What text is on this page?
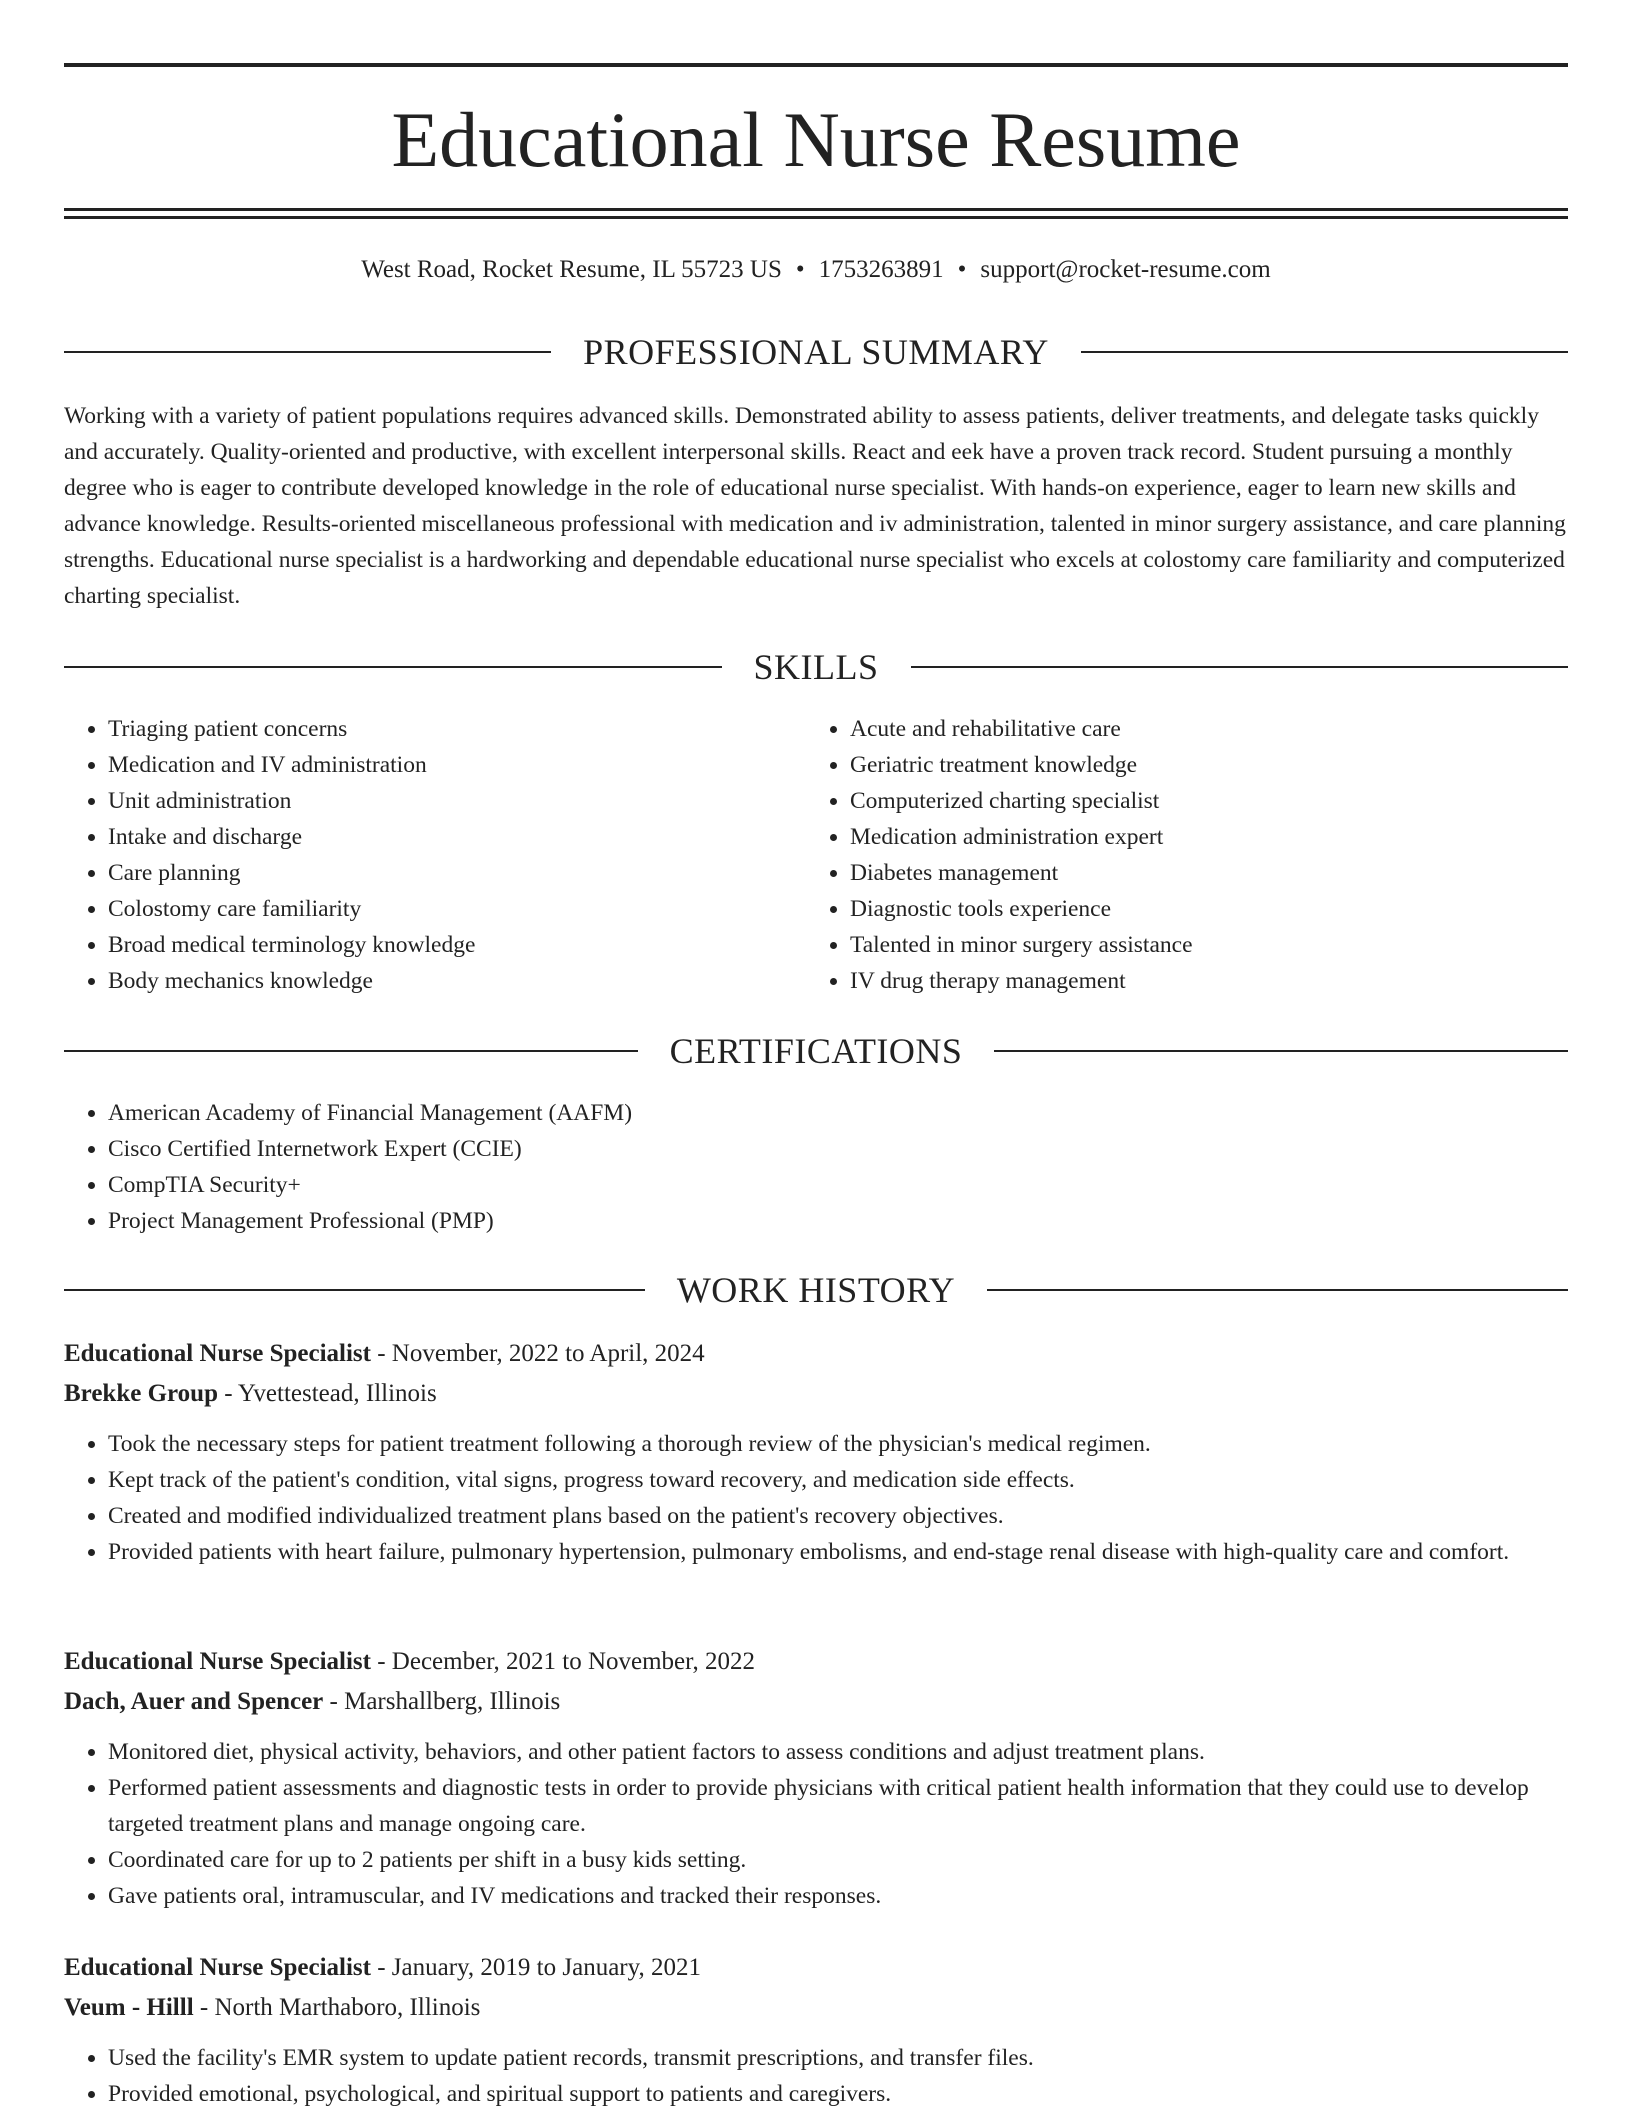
Educational Nurse Resume
West Road, Rocket Resume, IL 55723 US • 1753263891 • support@rocket-resume.com
PROFESSIONAL SUMMARY

Working with a variety of patient populations requires advanced skills. Demonstrated ability to assess patients, deliver treatments, and delegate tasks quickly and accurately. Quality-oriented and productive, with excellent interpersonal skills. React and eek have a proven track record. Student pursuing a monthly degree who is eager to contribute developed knowledge in the role of educational nurse specialist. With hands-on experience, eager to learn new skills and advance knowledge. Results-oriented miscellaneous professional with medication and iv administration, talented in minor surgery assistance, and care planning strengths. Educational nurse specialist is a hardworking and dependable educational nurse specialist who excels at colostomy care familiarity and computerized charting specialist.

SKILLS
• Triaging patient concerns
• Medication and IV administration
• Unit administration
• Intake and discharge
• Care planning
• Colostomy care familiarity
• Broad medical terminology knowledge
• Body mechanics knowledge
• Acute and rehabilitative care
• Geriatric treatment knowledge
• Computerized charting specialist
• Medication administration expert
• Diabetes management
• Diagnostic tools experience
• Talented in minor surgery assistance
• IV drug therapy management
CERTIFICATIONS
• American Academy of Financial Management (AAFM)
• Cisco Certified Internetwork Expert (CCIE)
• CompTIA Security+
• Project Management Professional (PMP)
WORK HISTORY
Educational Nurse Specialist - November, 2022 to April, 2024
Brekke Group - Yvettestead, Illinois
• Took the necessary steps for patient treatment following a thorough review of the physician's medical regimen.
• Kept track of the patient's condition, vital signs, progress toward recovery, and medication side effects.
• Created and modified individualized treatment plans based on the patient's recovery objectives.
• Provided patients with heart failure, pulmonary hypertension, pulmonary embolisms, and end-stage renal disease with high-quality care and comfort.
Educational Nurse Specialist - December, 2021 to November, 2022
Dach, Auer and Spencer - Marshallberg, Illinois
• Monitored diet, physical activity, behaviors, and other patient factors to assess conditions and adjust treatment plans.
• Performed patient assessments and diagnostic tests in order to provide physicians with critical patient health information that they could use to develop targeted treatment plans and manage ongoing care.
• Coordinated care for up to 2 patients per shift in a busy kids setting.
• Gave patients oral, intramuscular, and IV medications and tracked their responses.
Educational Nurse Specialist - January, 2019 to January, 2021
Veum - Hilll - North Marthaboro, Illinois
• Used the facility's EMR system to update patient records, transmit prescriptions, and transfer files.
• Provided emotional, psychological, and spiritual support to patients and caregivers.
